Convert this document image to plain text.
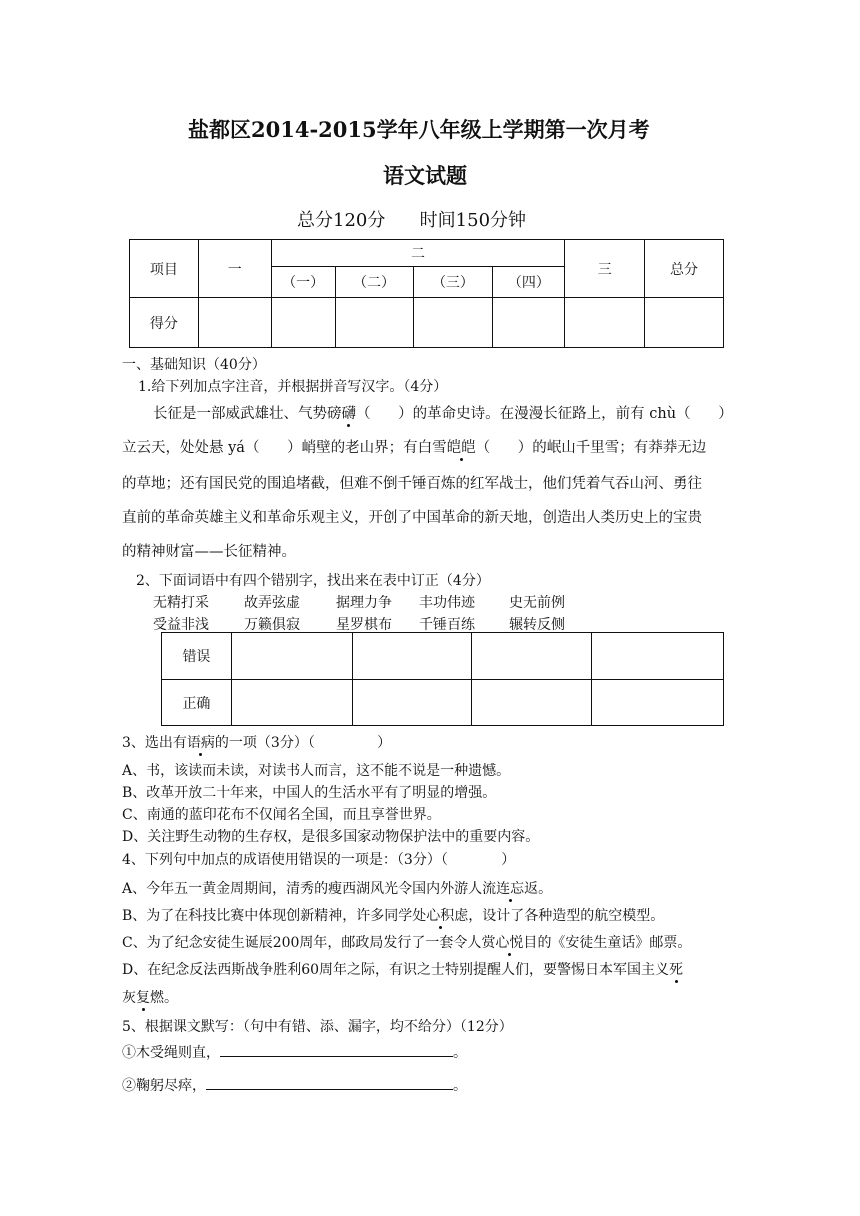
盐都区2014-2015学年八年级上学期第一次月考
语文试题
总分120分      时间150分钟
项目	一	二				三	总分
		（一）	（二）	（三）	（四）		
得分							
一、基础知识（40分）
1.给下列加点字注音，并根据拼音写汉字。（4分）
长征是一部威武雄壮、气势磅礴（      ）的革命史诗。在漫漫长征路上，前有 chù（      ）
立云天，处处悬 yá（      ）峭壁的老山界；有白雪皑皑（      ）的岷山千里雪；有莽莽无边
的草地；还有国民党的围追堵截，但难不倒千锤百炼的红军战士，他们凭着气吞山河、勇往
直前的革命英雄主义和革命乐观主义，开创了中国革命的新天地，创造出人类历史上的宝贵
的精神财富——长征精神。
2、下面词语中有四个错别字，找出来在表中订正（4分）
无精打采	故弄弦虚	据理力争 丰功伟迹 史无前例
受益非浅	万籁俱寂	星罗棋布 千锤百练 辗转反侧
错误				
正确				
3、选出有语病的一项（3分）（              ）
A、书，该读而未读，对读书人而言，这不能不说是一种遗憾。
B、改革开放二十年来，中国人的生活水平有了明显的增强。
C、南通的蓝印花布不仅闻名全国，而且享誉世界。
D、关注野生动物的生存权，是很多国家动物保护法中的重要内容。
4、下列句中加点的成语使用错误的一项是：（3分）（            ）
A、今年五一黄金周期间，清秀的瘦西湖风光令国内外游人流连忘返。
B、为了在科技比赛中体现创新精神，许多同学处心积虑，设计了各种造型的航空模型。
C、为了纪念安徒生诞辰200周年，邮政局发行了一套令人赏心悦目的《安徒生童话》邮票。
D、在纪念反法西斯战争胜利60周年之际，有识之士特别提醒人们，要警惕日本军国主义死
灰复燃。
5、根据课文默写：（句中有错、添、漏字，均不给分）（12分）
①木受绳则直，	。
②鞠躬尽瘁，	。
